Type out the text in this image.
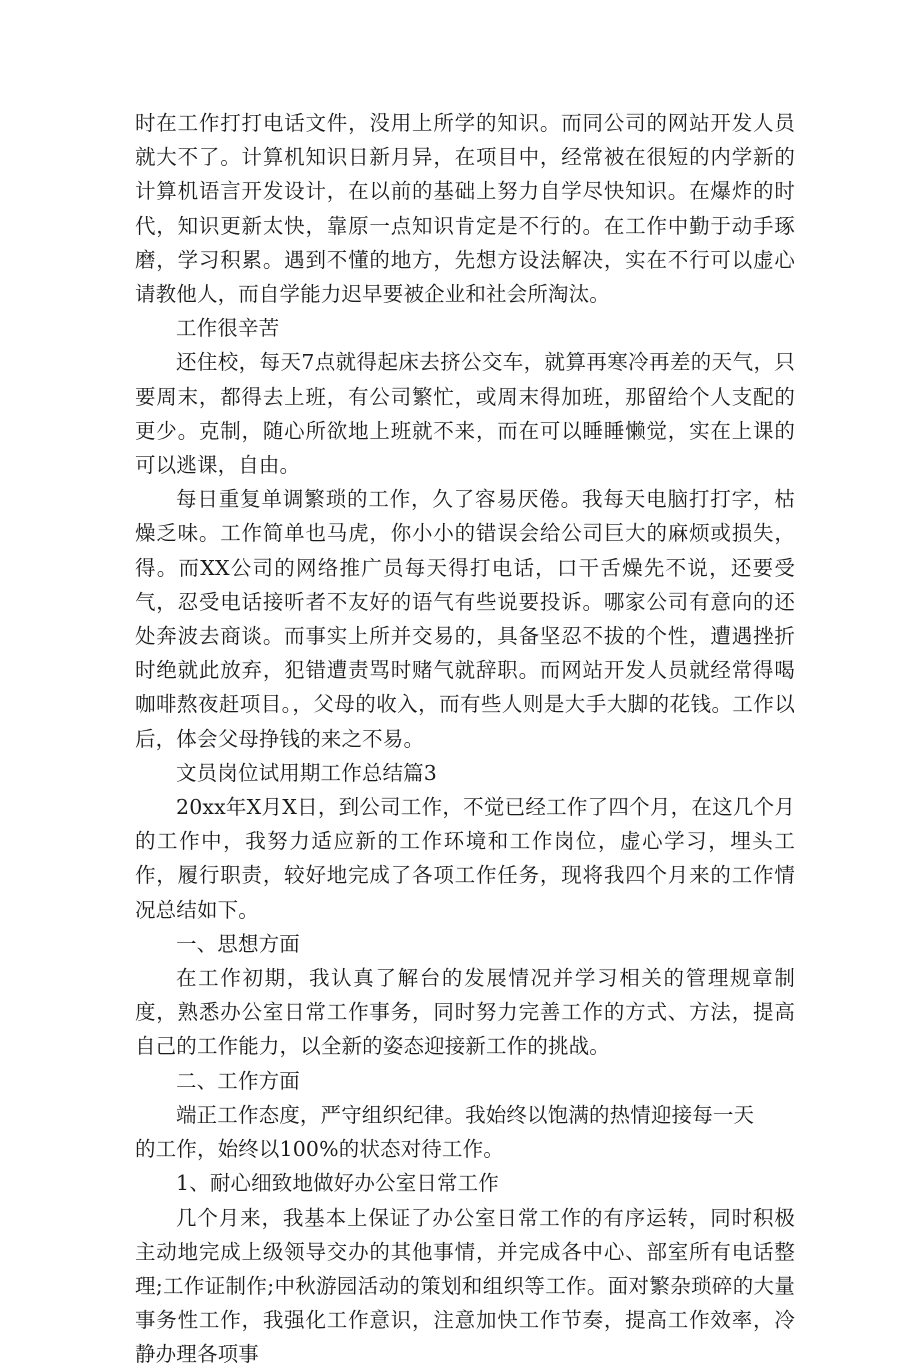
时在工作打打电话文件，没用上所学的知识。而同公司的网站开发人员就大不了。计算机知识日新月异，在项目中，经常被在很短的内学新的计算机语言开发设计，在以前的基础上努力自学尽快知识。在爆炸的时代，知识更新太快，靠原一点知识肯定是不行的。在工作中勤于动手琢磨，学习积累。遇到不懂的地方，先想方设法解决，实在不行可以虚心请教他人，而自学能力迟早要被企业和社会所淘汰。

工作很辛苦

还住校，每天7点就得起床去挤公交车，就算再寒冷再差的天气，只要周末，都得去上班，有公司繁忙，或周末得加班，那留给个人支配的更少。克制，随心所欲地上班就不来，而在可以睡睡懒觉，实在上课的可以逃课，自由。

每日重复单调繁琐的工作，久了容易厌倦。我每天电脑打打字，枯燥乏味。工作简单也马虎，你小小的错误会给公司巨大的麻烦或损失，得。而XX公司的网络推广员每天得打电话，口干舌燥先不说，还要受气，忍受电话接听者不友好的语气有些说要投诉。哪家公司有意向的还处奔波去商谈。而事实上所并交易的，具备坚忍不拔的个性，遭遇挫折时绝就此放弃，犯错遭责骂时赌气就辞职。而网站开发人员就经常得喝咖啡熬夜赶项目。，父母的收入，而有些人则是大手大脚的花钱。工作以后，体会父母挣钱的来之不易。

文员岗位试用期工作总结篇3

20xx年X月X日，到公司工作，不觉已经工作了四个月，在这几个月的工作中，我努力适应新的工作环境和工作岗位，虚心学习，埋头工作，履行职责，较好地完成了各项工作任务，现将我四个月来的工作情况总结如下。

一、思想方面

在工作初期，我认真了解台的发展情况并学习相关的管理规章制度，熟悉办公室日常工作事务，同时努力完善工作的方式、方法，提高自己的工作能力，以全新的姿态迎接新工作的挑战。

二、工作方面

端正工作态度，严守组织纪律。我始终以饱满的热情迎接每一天

的工作，始终以100%的状态对待工作。

1、耐心细致地做好办公室日常工作

几个月来，我基本上保证了办公室日常工作的有序运转，同时积极主动地完成上级领导交办的其他事情，并完成各中心、部室所有电话整理;工作证制作;中秋游园活动的策划和组织等工作。面对繁杂琐碎的大量事务性工作，我强化工作意识，注意加快工作节奏，提高工作效率，冷静办理各项事
